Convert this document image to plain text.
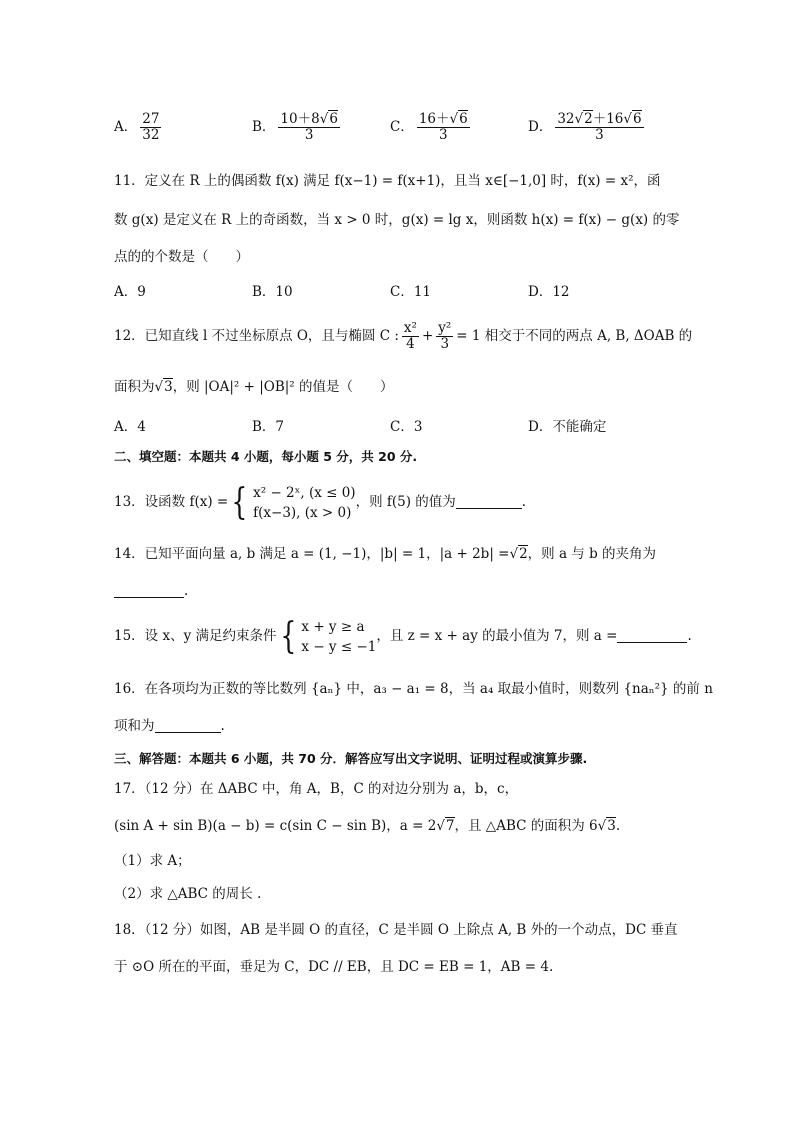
A． $\frac{27}{32}$	B． $\frac{10+8√6}{3}$	C． $\frac{16+√6}{3}$	D． $\frac{32√2+16√6}{3}$
11．定义在 R 上的偶函数 f(x) 满足 f(x−1) = f(x+1)，且当 x∈[−1,0] 时，f(x) = x²，函
数 g(x) 是定义在 R 上的奇函数，当 x > 0 时，g(x) = lg x，则函数 h(x) = f(x) − g(x) 的零
点的的个数是（　　）
A．9	B．10	C．11	D．12
12．已知直线 l 不过坐标原点 O，且与椭圆 C : $\frac{\text{x²}}{4} + \frac{\text{y²}}{3} = 1$ 相交于不同的两点 A, B, ΔOAB 的
面积为√3，则 |OA|² + |OB|² 的值是（　　）
A．4	B．7	C．3	D．不能确定
二、填空题：本题共 4 小题，每小题 5 分，共 20 分.
13．设函数 f(x) ={ x² − 2ˣ, (x ≤ 0)
f(x−3), (x > 0)
，则 f(5) 的值为	.
14．已知平面向量 a, b 满足 a = (1, −1)，|b| = 1，|a + 2b| =√2，则 a 与 b 的夹角为
.
15．设 x、y 满足约束条件{ x + y ≥ a
x − y ≤ −1
，且 z = x + ay 的最小值为 7，则 a =	.
16．在各项均为正数的等比数列 {aₙ} 中，a₃ − a₁ = 8，当 a₄ 取最小值时，则数列 {naₙ²} 的前 n
项和为	.
三、解答题：本题共 6 小题，共 70 分．解答应写出文字说明、证明过程或演算步骤.
17．（12 分）在 ΔABC 中，角 A，B，C 的对边分别为 a，b，c，
(sin A + sin B)(a − b) = c(sin C − sin B)，a = 2√7，且 △ABC 的面积为 6√3.
（1）求 A；
（2）求 △ABC 的周长 .
18．（12 分）如图，AB 是半圆 O 的直径，C 是半圆 O 上除点 A, B 外的一个动点，DC 垂直
于 ⊙O 所在的平面，垂足为 C，DC // EB，且 DC = EB = 1，AB = 4.
